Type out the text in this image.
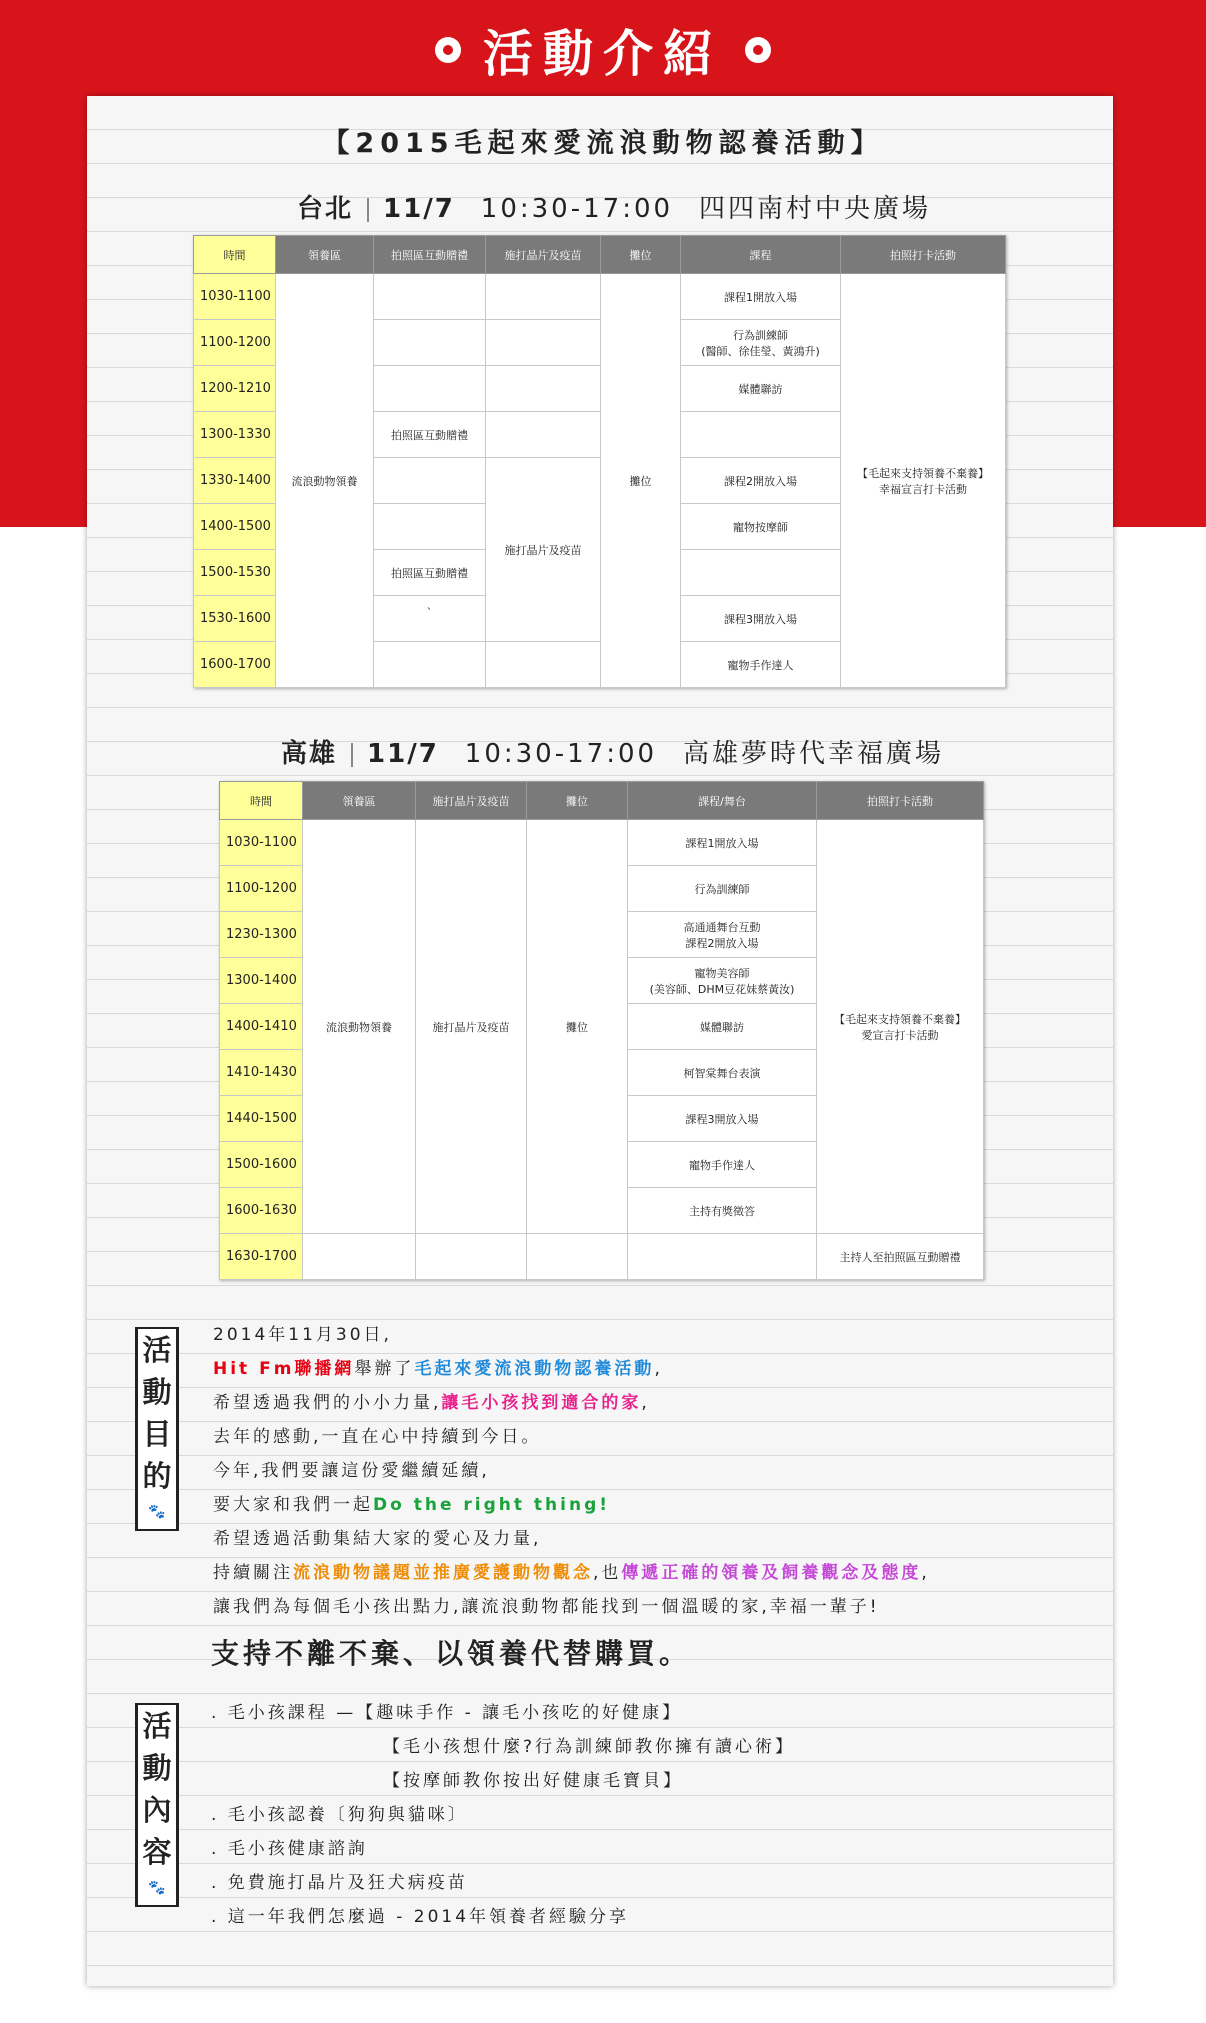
活動介紹
【2015毛起來愛流浪動物認養活動】
台北 11/7 10:30-17:00 四四南村中央廣場
時間	領養區	拍照區互動贈禮	施打晶片及疫苗	攤位	課程	拍照打卡活動
1030-1100	流浪動物領養			攤位	課程1開放入場	【毛起來支持領養不棄養】
幸福宣言打卡活動

1100-1200					行為訓練師
(醫師、徐佳瑩、黃鴻升)	

1200-1210					媒體聯訪	
1300-1330		拍照區互動贈禮				
1330-1400			施打晶片及疫苗		課程2開放入場	
1400-1500					寵物按摩師	
1500-1530		拍照區互動贈禮				
1530-1600		`			課程3開放入場	
1600-1700					寵物手作達人	
高雄 11/7 10:30-17:00 高雄夢時代幸福廣場
時間	領養區	施打晶片及疫苗	攤位	課程/舞台	拍照打卡活動
1030-1100	流浪動物領養	施打晶片及疫苗	攤位	課程1開放入場	【毛起來支持領養不棄養】
愛宣言打卡活動

1100-1200				行為訓練師	
1230-1300				高通通舞台互動
課程2開放入場	

1300-1400				寵物美容師
(美容師、DHM豆花妹蔡黃汝)	

1400-1410				媒體聯訪	
1410-1430				柯智棠舞台表演	
1440-1500				課程3開放入場	
1500-1600				寵物手作達人	
1600-1630				主持有獎徵答	
1630-1700					主持人至拍照區互動贈禮
活
動
目
的
🐾
2014年11月30日,
Hit Fm聯播網舉辦了毛起來愛流浪動物認養活動,
希望透過我們的小小力量,讓毛小孩找到適合的家,
去年的感動,一直在心中持續到今日。
今年,我們要讓這份愛繼續延續,
要大家和我們一起Do the right thing!
希望透過活動集結大家的愛心及力量,
持續關注流浪動物議題並推廣愛護動物觀念,也傳遞正確的領養及飼養觀念及態度,
讓我們為每個毛小孩出點力,讓流浪動物都能找到一個溫暖的家,幸福一輩子!
支持不離不棄、以領養代替購買。
活
動
內
容
🐾
. 毛小孩課程 —【趣味手作 - 讓毛小孩吃的好健康】
【毛小孩想什麼?行為訓練師教你擁有讀心術】
【按摩師教你按出好健康毛寶貝】
. 毛小孩認養〔狗狗與貓咪〕
. 毛小孩健康諮詢
. 免費施打晶片及狂犬病疫苗
. 這一年我們怎麼過 - 2014年領養者經驗分享
